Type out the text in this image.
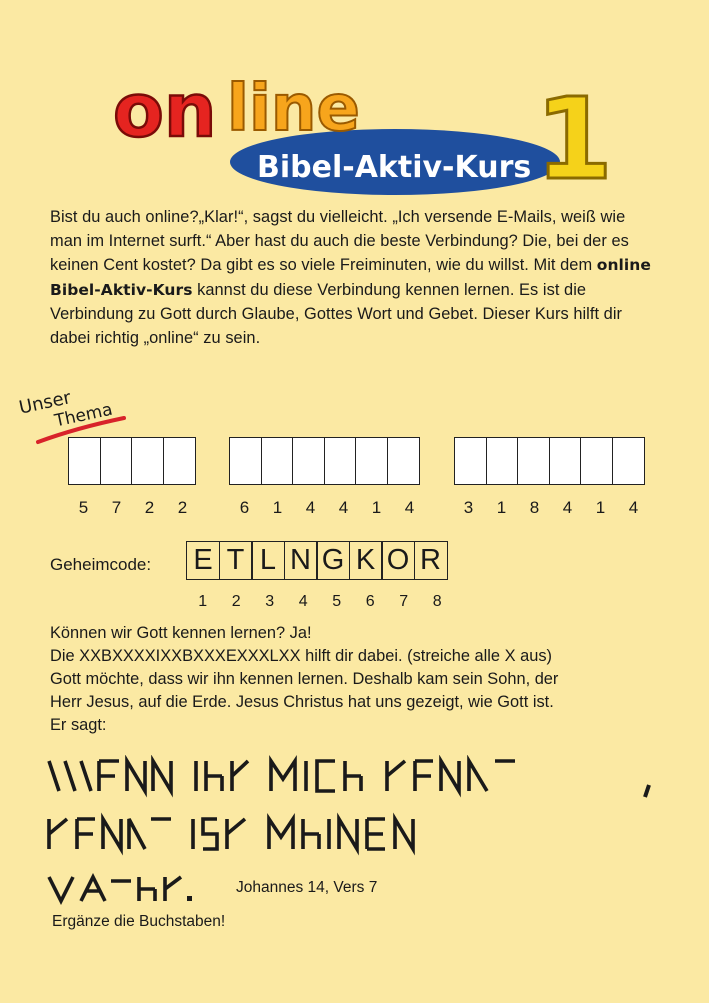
on line
Bibel-Aktiv-Kurs 1
Bist du auch online?„Klar!“, sagst du vielleicht. „Ich versende E-Mails, weiß wie man im Internet surft.“ Aber hast du auch die beste Verbindung? Die, bei der es keinen Cent kostet? Da gibt es so viele Freiminuten, wie du willst. Mit dem online Bibel-Aktiv-Kurs kannst du diese Verbindung kennen lernen. Es ist die Verbindung zu Gott durch Glaube, Gottes Wort und Gebet. Dieser Kurs hilft dir dabei richtig „online“ zu sein.
Unser
Thema
5	7	2	2	6	1	4	4	1	4	3	1	8	4	1	4
Geheimcode: E T L N G K O R
1	2	3	4	5	6	7	8
Können wir Gott kennen lernen? Ja!
Die XXBXXXXIXXBXXXEXXXLXX hilft dir dabei. (streiche alle X aus)
Gott möchte, dass wir ihn kennen lernen. Deshalb kam sein Sohn, der
Herr Jesus, auf die Erde. Jesus Christus hat uns gezeigt, wie Gott ist.
Er sagt:
Johannes 14, Vers 7
Ergänze die Buchstaben!
